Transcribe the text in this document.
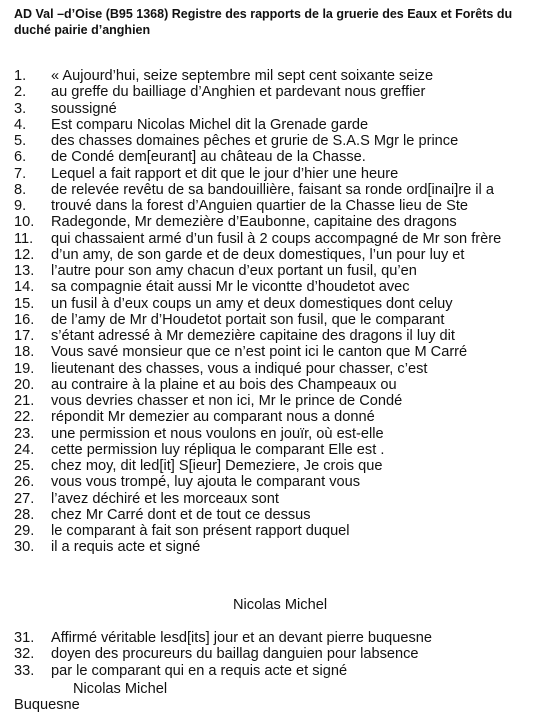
AD Val –d’Oise (B95 1368) Registre des rapports de la gruerie des Eaux et Forêts du duché pairie d’anghien
1.	« Aujourd’hui, seize septembre mil sept cent soixante seize
2.	au greffe du bailliage d’Anghien et pardevant nous greffier
3.	soussigné
4.	Est comparu Nicolas Michel dit la Grenade garde
5.	des chasses domaines pêches et grurie de S.A.S Mgr le prince
6.	de Condé dem[eurant] au château de la Chasse.
7.	Lequel a fait rapport et dit que le jour d’hier une heure
8.	de relevée revêtu de sa bandouillière, faisant sa ronde ord[inai]re il a
9.	trouvé dans la forest d’Anguien quartier de la Chasse lieu de Ste
10.	Radegonde, Mr demezière d’Eaubonne, capitaine des dragons
11.	qui chassaient armé d’un fusil à 2 coups accompagné de Mr son frère
12.	d’un amy, de son garde et de deux domestiques, l’un pour luy et
13.	l’autre pour son amy chacun d’eux portant un fusil, qu’en
14.	sa compagnie était aussi Mr le vicontte d’houdetot avec
15.	un fusil à d’eux coups un amy et deux domestiques dont celuy
16.	de l’amy de Mr d’Houdetot portait son fusil, que le comparant
17.	s’étant adressé à Mr demezière capitaine des dragons il luy dit
18.	Vous savé monsieur que ce n’est point ici le canton que M Carré
19.	lieutenant des chasses, vous a indiqué pour chasser, c’est
20.	au contraire à la plaine et au bois des Champeaux ou
21.	vous devries chasser et non ici, Mr le prince de Condé
22.	répondit Mr demezier au comparant nous a donné
23.	une permission et nous voulons en jouïr, où est-elle
24.	cette permission luy répliqua le comparant Elle est .
25.	chez moy, dit led[it] S[ieur] Demeziere, Je crois que
26.	vous vous trompé, luy ajouta le comparant vous
27.	l’avez déchiré et les morceaux sont
28.	chez Mr Carré dont et de tout ce dessus
29.	le comparant à fait son présent rapport duquel
30.	il a requis acte et signé
Nicolas Michel
31.	Affirmé véritable lesd[its] jour et an devant pierre buquesne
32.	doyen des procureurs du baillag danguien pour labsence
33.	par le comparant qui en a requis acte et signé
Nicolas Michel
Buquesne
